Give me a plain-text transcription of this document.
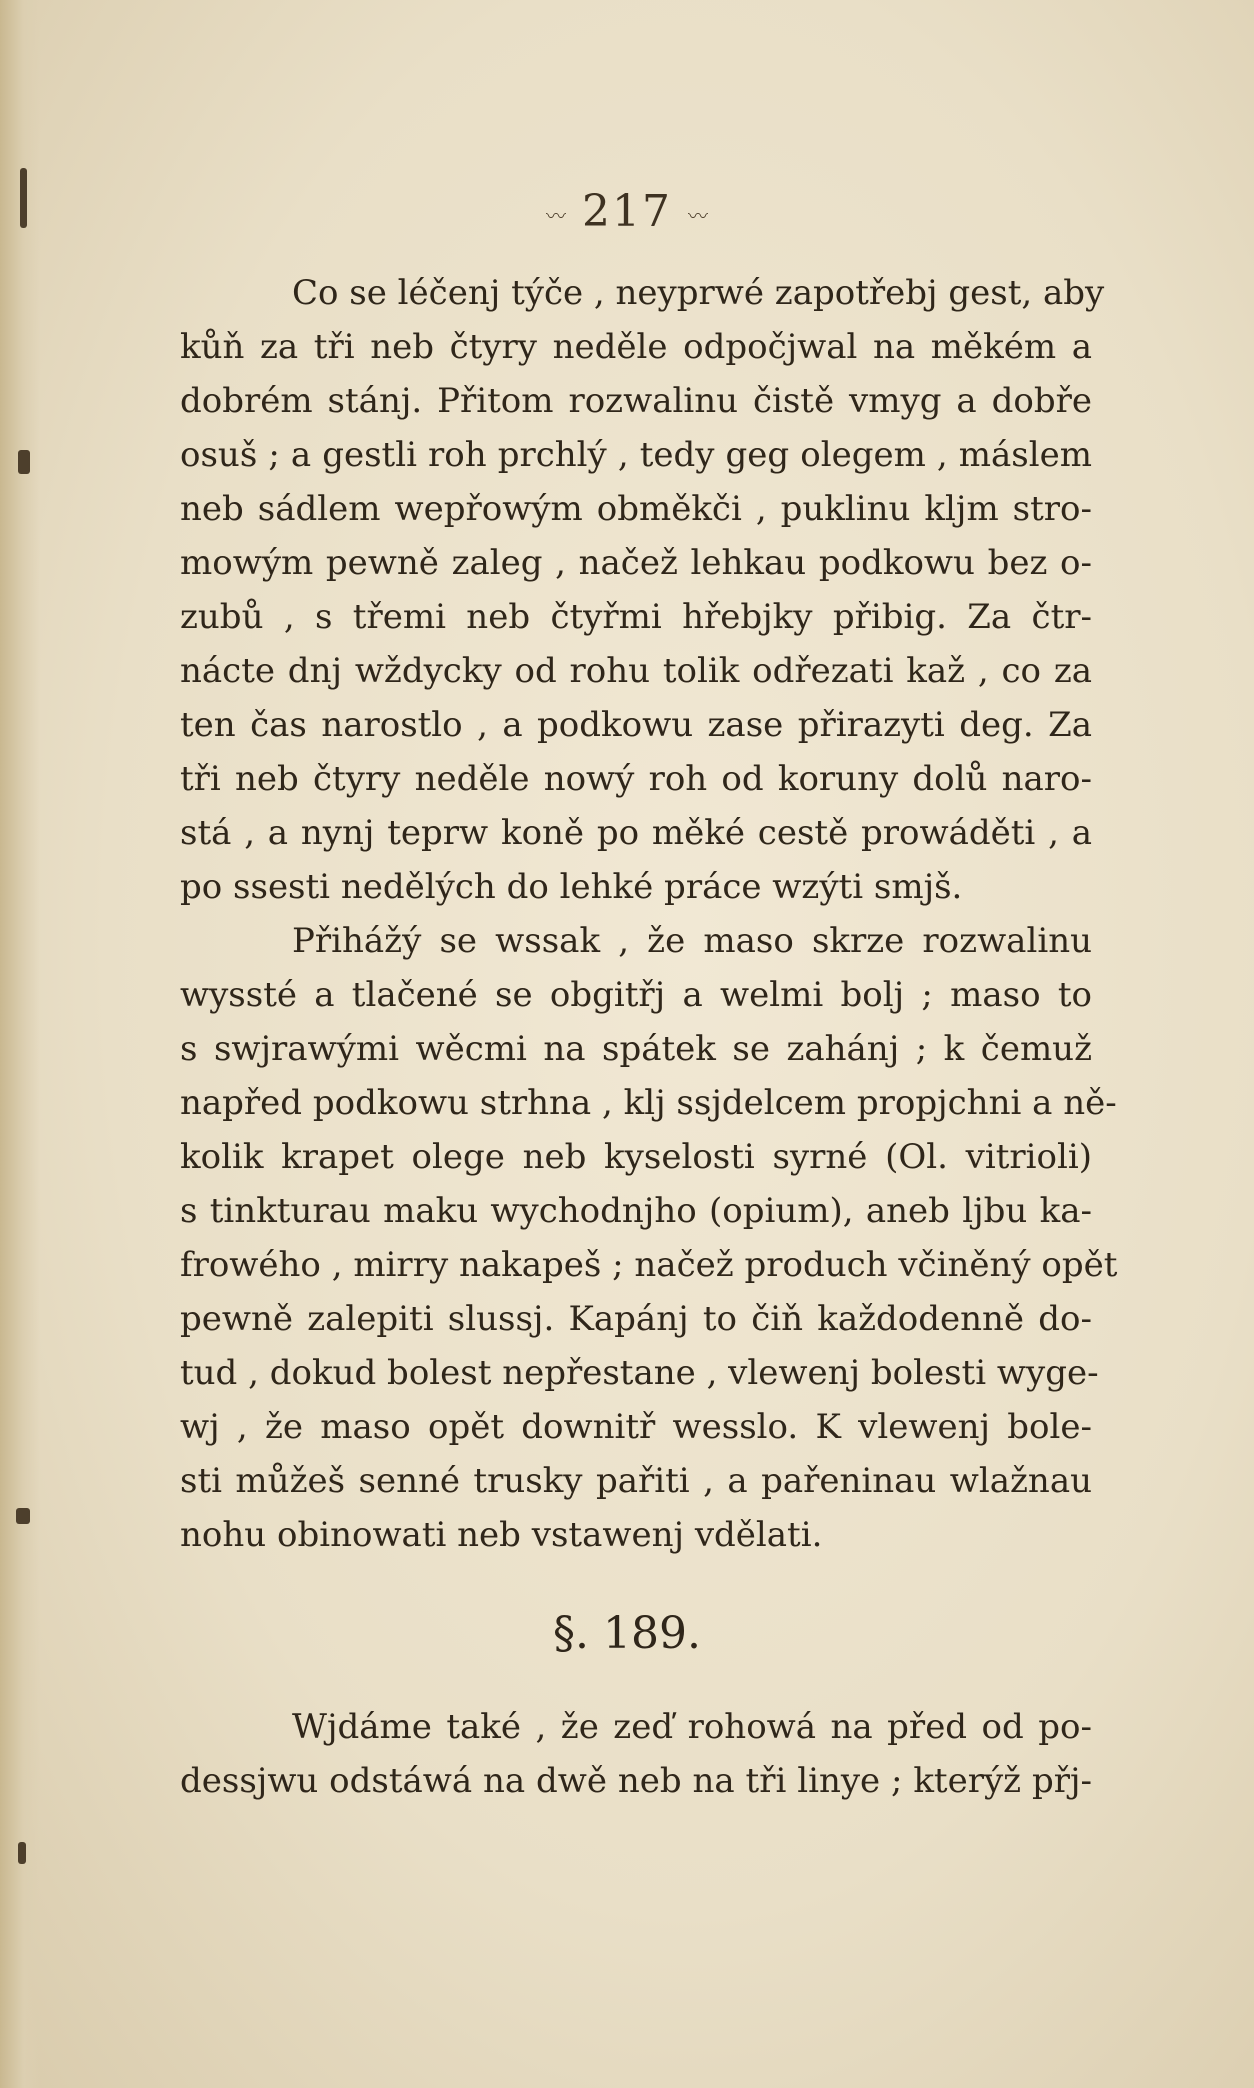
〰 217 〰
Co se léčenj týče , neyprwé zapotřebj gest, aby
kůň za tři neb čtyry neděle odpočjwal na měkém a
dobrém stánj. Přitom rozwalinu čistě vmyg a dobře
osuš ; a gestli roh prchlý , tedy geg olegem , máslem
neb sádlem wepřowým obměkči , puklinu kljm stro-
mowým pewně zaleg , načež lehkau podkowu bez o-
zubů , s třemi neb čtyřmi hřebjky přibig. Za čtr-
nácte dnj wždycky od rohu tolik odřezati kaž , co za
ten čas narostlo , a podkowu zase přirazyti deg. Za
tři neb čtyry neděle nowý roh od koruny dolů naro-
stá , a nynj teprw koně po měké cestě prowáděti , a
po ssesti nedělých do lehké práce wzýti smjš.
Přihážý se wssak , že maso skrze rozwalinu
wyssté a tlačené se obgitřj a welmi bolj ; maso to
s swjrawými wěcmi na spátek se zahánj ; k čemuž
napřed podkowu strhna , klj ssjdelcem propjchni a ně-
kolik krapet olege neb kyselosti syrné (Ol. vitrioli)
s tinkturau maku wychodnjho (opium), aneb ljbu ka-
frowého , mirry nakapeš ; načež produch včiněný opět
pewně zalepiti slussj. Kapánj to čiň každodenně do-
tud , dokud bolest nepřestane , vlewenj bolesti wyge-
wj , že maso opět downitř wesslo. K vlewenj bole-
sti můžeš senné trusky pařiti , a pařeninau wlažnau
nohu obinowati neb vstawenj vdělati.
§. 189.
Wjdáme také , že zeď rohowá na před od po-
dessjwu odstáwá na dwě neb na tři linye ; kterýž přj-
